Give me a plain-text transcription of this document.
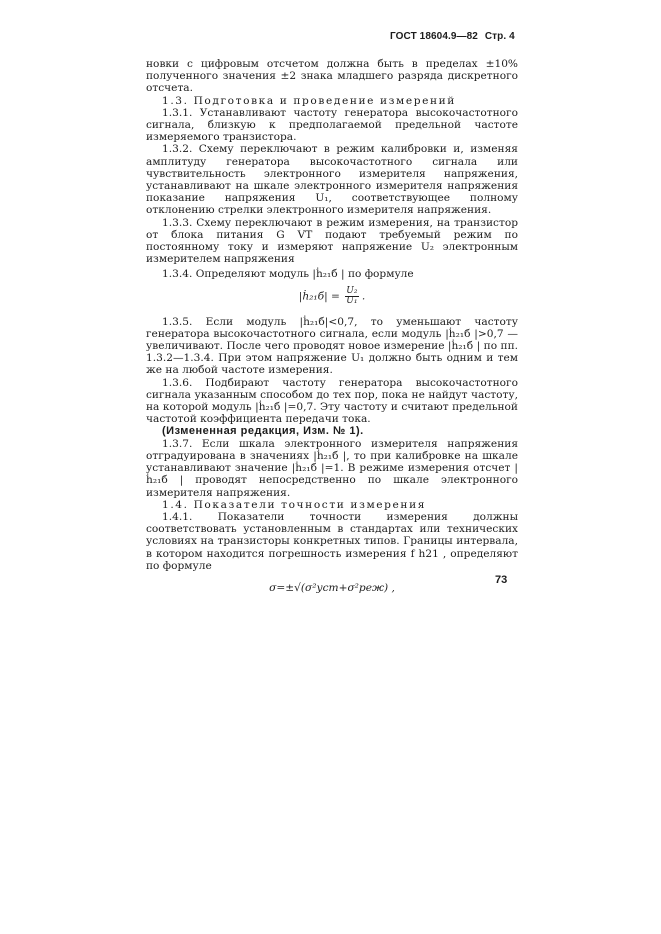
ГОСТ 18604.9—82 Стр. 4

новки с цифровым отсчетом должна быть в пределах ±10% полученного значения ±2 знака младшего разряда дискретного отсчета.

1.3. Подготовка и проведение измерений

1.3.1. Устанавливают частоту генератора высокочастотного сигнала, близкую к предполагаемой предельной частоте измеряемого транзистора.

1.3.2. Схему переключают в режим калибровки и, изменяя амплитуду генератора высокочастотного сигнала или чувствительность электронного измерителя напряжения, устанавливают на шкале электронного измерителя напряжения показание напряжения U₁, соответствующее полному отклонению стрелки электронного измерителя напряжения.

1.3.3. Схему переключают в режим измерения, на транзистор от блока питания G VT подают требуемый режим по постоянному току и измеряют напряжение U₂ электронным измерителем напряжения

1.3.4. Определяют модуль |ḣ₂₁б | по формуле

|ḣ₂₁б| = $\frac{\text{U₂}}{\text{U₁}}$ .

1.3.5. Если модуль |ḣ₂₁б|<0,7, то уменьшают частоту генератора высокочастотного сигнала, если модуль |ḣ₂₁б |>0,7 — увеличивают. После чего проводят новое измерение |ḣ₂₁б | по пп. 1.3.2—1.3.4. При этом напряжение U₁ должно быть одним и тем же на любой частоте измерения.

1.3.6. Подбирают частоту генератора высокочастотного сигнала указанным способом до тех пор, пока не найдут частоту, на которой модуль |ḣ₂₁б |=0,7. Эту частоту и считают предельной частотой коэффициента передачи тока.

(Измененная редакция, Изм. № 1).

1.3.7. Если шкала электронного измерителя напряжения отградуирована в значениях |ḣ₂₁б |, то при калибровке на шкале устанавливают значение |ḣ₂₁б |=1. В режиме измерения отсчет |ḣ₂₁б | проводят непосредственно по шкале электронного измерителя напряжения.

1.4. Показатели точности измерения

1.4.1. Показатели точности измерения должны соответствовать установленным в стандартах или технических условиях на транзисторы конкретных типов. Границы интервала, в котором находится погрешность измерения f h21 , определяют по формуле

σ=±√(σ²уст+σ²реж) ,

73
